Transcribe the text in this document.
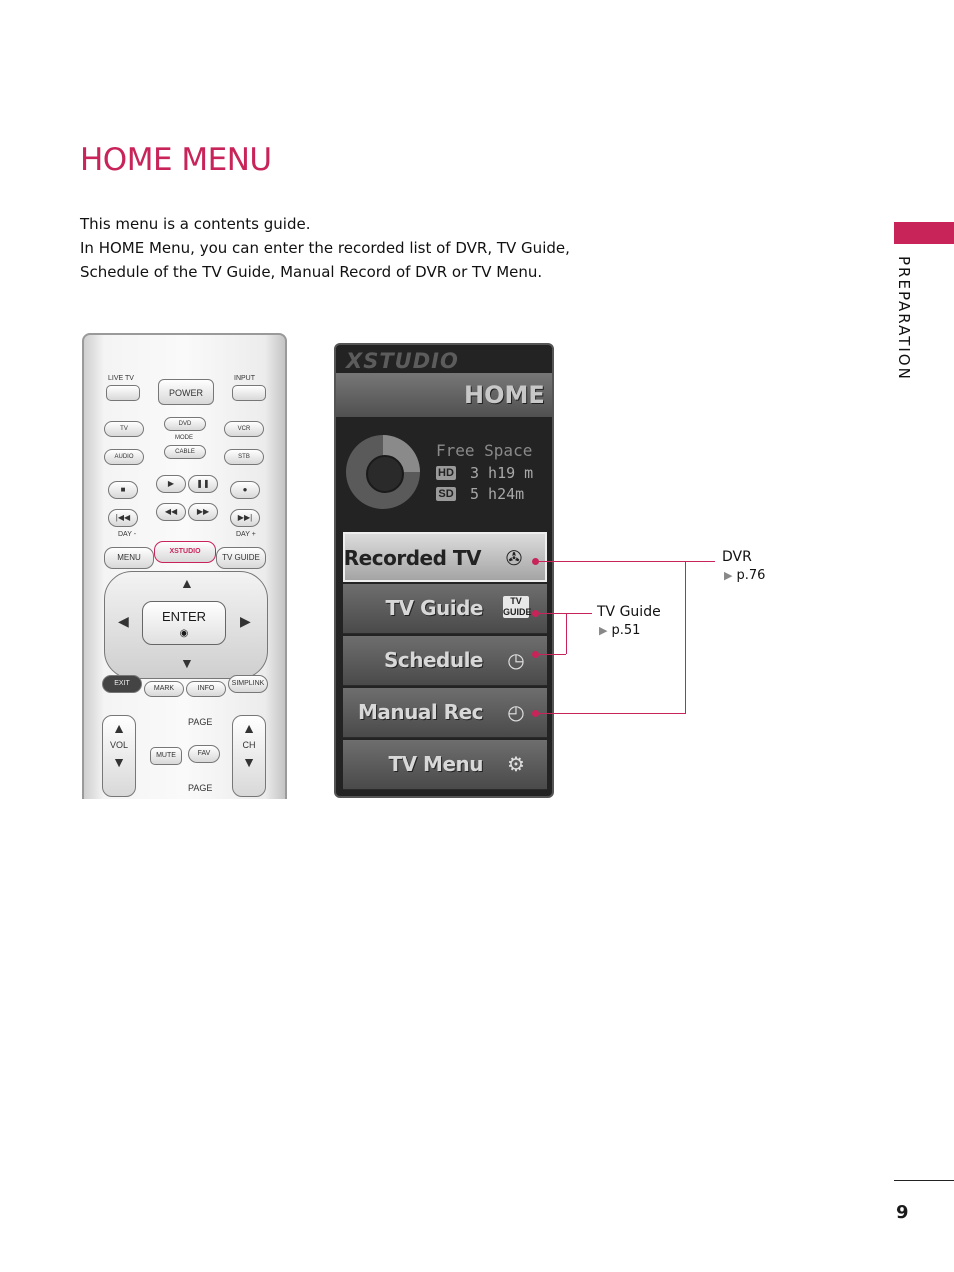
HOME MENU
This menu is a contents guide.
In HOME Menu, you can enter the recorded list of DVR, TV Guide,
Schedule of the TV Guide, Manual Record of DVR or TV Menu.	PREPARATION
LIVE TV	INPUT
POWER
TV
DVD
VCR
MODE
AUDIO
CABLE
STB
■
▶	❚❚
●
|◀◀
◀◀	▶▶
▶▶|
DAY -	DAY +
MENU
XSTUDIO
TV GUIDE
▲
▼
◀	▶
ENTER
◉
EXIT
MARK	INFO
SIMPLINK
▲
VOL
▼
▲
CH
▼
PAGE
PAGE
MUTE	FAV
XSTUDIO
HOME
Free Space
HD 3 h19 m
SD 5 h24m
Recorded TV	✇
TV Guide	TV
GUIDE
Schedule	◷
Manual Rec	◴
TV Menu	⚙
DVR
▶ p.76
TV Guide
▶ p.51
9
